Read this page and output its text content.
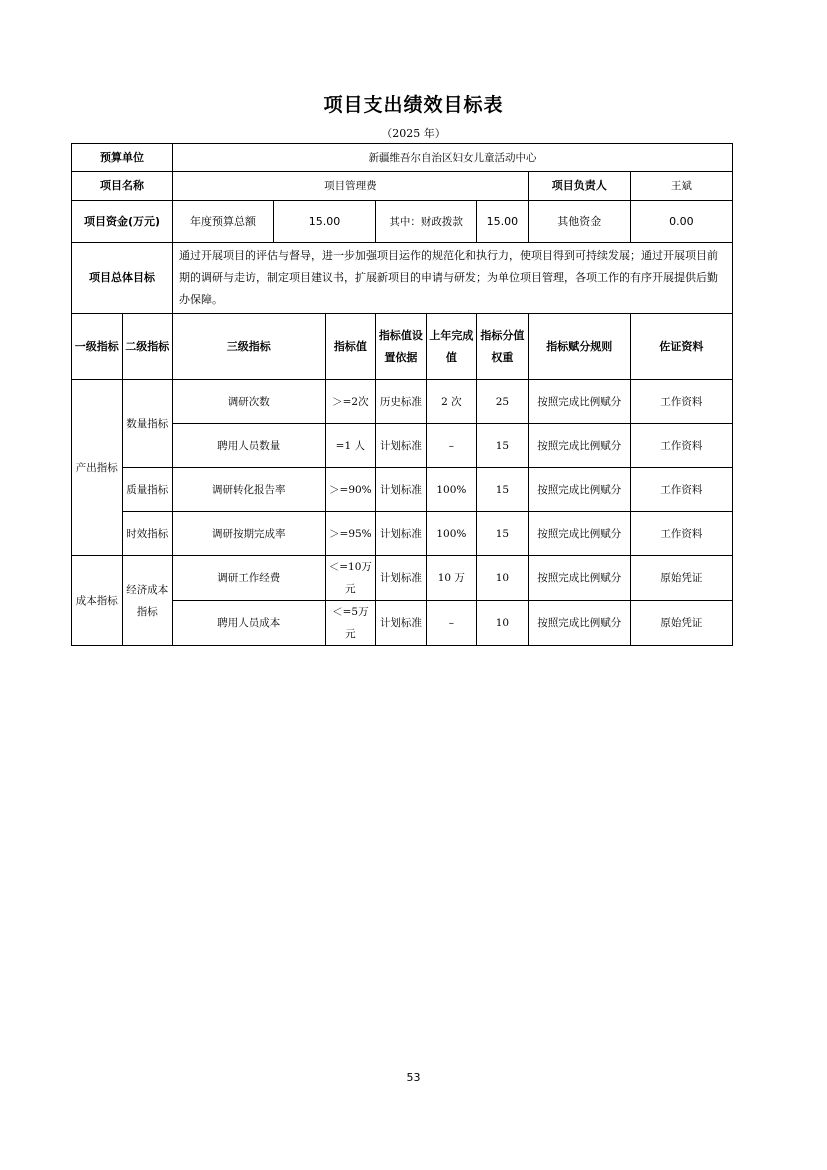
项目支出绩效目标表
（2025 年）
预算单位		新疆维吾尔自治区妇女儿童活动中心							
项目名称		项目管理费						项目负责人	王斌
项目资金(万元)		年度预算总额	15.00		其中：财政拨款		15.00	其他资金	0.00
项目总体目标		通过开展项目的评估与督导，进一步加强项目运作的规范化和执行力，使项目得到可持续发展；通过开展项目前期的调研与走访，制定项目建议书，扩展新项目的申请与研发；为单位项目管理，各项工作的有序开展提供后勤办保障。							
一级指标	二级指标	三级指标		指标值	指标值设置依据	上年完成值	指标分值权重	指标赋分规则	佐证资料
产出指标	数量指标	调研次数		＞=2次	历史标准	2 次	25	按照完成比例赋分	工作资料
		聘用人员数量		=1 人	计划标准	–	15	按照完成比例赋分	工作资料
	质量指标	调研转化报告率		＞=90%	计划标准	100%	15	按照完成比例赋分	工作资料
	时效指标	调研按期完成率		＞=95%	计划标准	100%	15	按照完成比例赋分	工作资料
成本指标	经济成本指标	调研工作经费		＜=10万元	计划标准	10 万	10	按照完成比例赋分	原始凭证
		聘用人员成本		＜=5万元	计划标准	–	10	按照完成比例赋分	原始凭证
53
